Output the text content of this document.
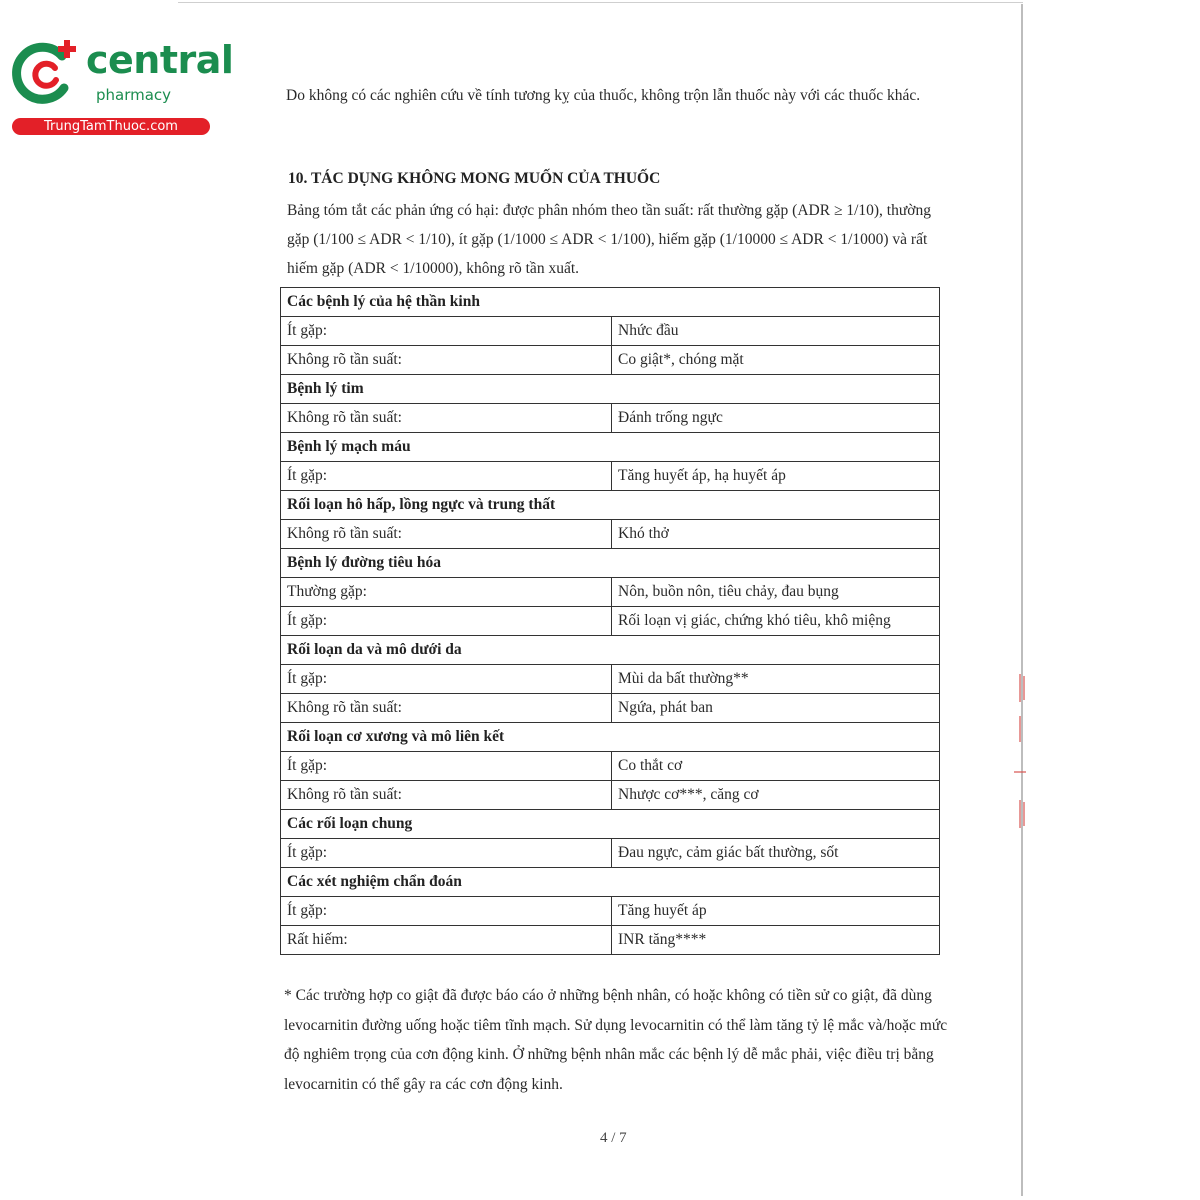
central
pharmacy
TrungTamThuoc.com
Do không có các nghiên cứu về tính tương kỵ của thuốc, không trộn lẫn thuốc này với các thuốc khác.
10. TÁC DỤNG KHÔNG MONG MUỐN CỦA THUỐC
Bảng tóm tắt các phản ứng có hại: được phân nhóm theo tần suất: rất thường gặp (ADR ≥ 1/10), thường gặp (1/100 ≤ ADR < 1/10), ít gặp (1/1000 ≤ ADR < 1/100), hiếm gặp (1/10000 ≤ ADR < 1/1000) và rất hiếm gặp (ADR < 1/10000), không rõ tần xuất.
Các bệnh lý của hệ thần kinh	
Ít gặp:	Nhức đầu
Không rõ tần suất:	Co giật*, chóng mặt
Bệnh lý tim	
Không rõ tần suất:	Đánh trống ngực
Bệnh lý mạch máu	
Ít gặp:	Tăng huyết áp, hạ huyết áp
Rối loạn hô hấp, lồng ngực và trung thất	
Không rõ tần suất:	Khó thở
Bệnh lý đường tiêu hóa	
Thường gặp:	Nôn, buồn nôn, tiêu chảy, đau bụng
Ít gặp:	Rối loạn vị giác, chứng khó tiêu, khô miệng
Rối loạn da và mô dưới da	
Ít gặp:	Mùi da bất thường**
Không rõ tần suất:	Ngứa, phát ban
Rối loạn cơ xương và mô liên kết	
Ít gặp:	Co thắt cơ
Không rõ tần suất:	Nhược cơ***, căng cơ
Các rối loạn chung	
Ít gặp:	Đau ngực, cảm giác bất thường, sốt
Các xét nghiệm chẩn đoán	
Ít gặp:	Tăng huyết áp
Rất hiếm:	INR tăng****
* Các trường hợp co giật đã được báo cáo ở những bệnh nhân, có hoặc không có tiền sử co giật, đã dùng levocarnitin đường uống hoặc tiêm tĩnh mạch. Sử dụng levocarnitin có thể làm tăng tỷ lệ mắc và/hoặc mức độ nghiêm trọng của cơn động kinh. Ở những bệnh nhân mắc các bệnh lý dễ mắc phải, việc điều trị bằng levocarnitin có thể gây ra các cơn động kinh.
4 / 7
